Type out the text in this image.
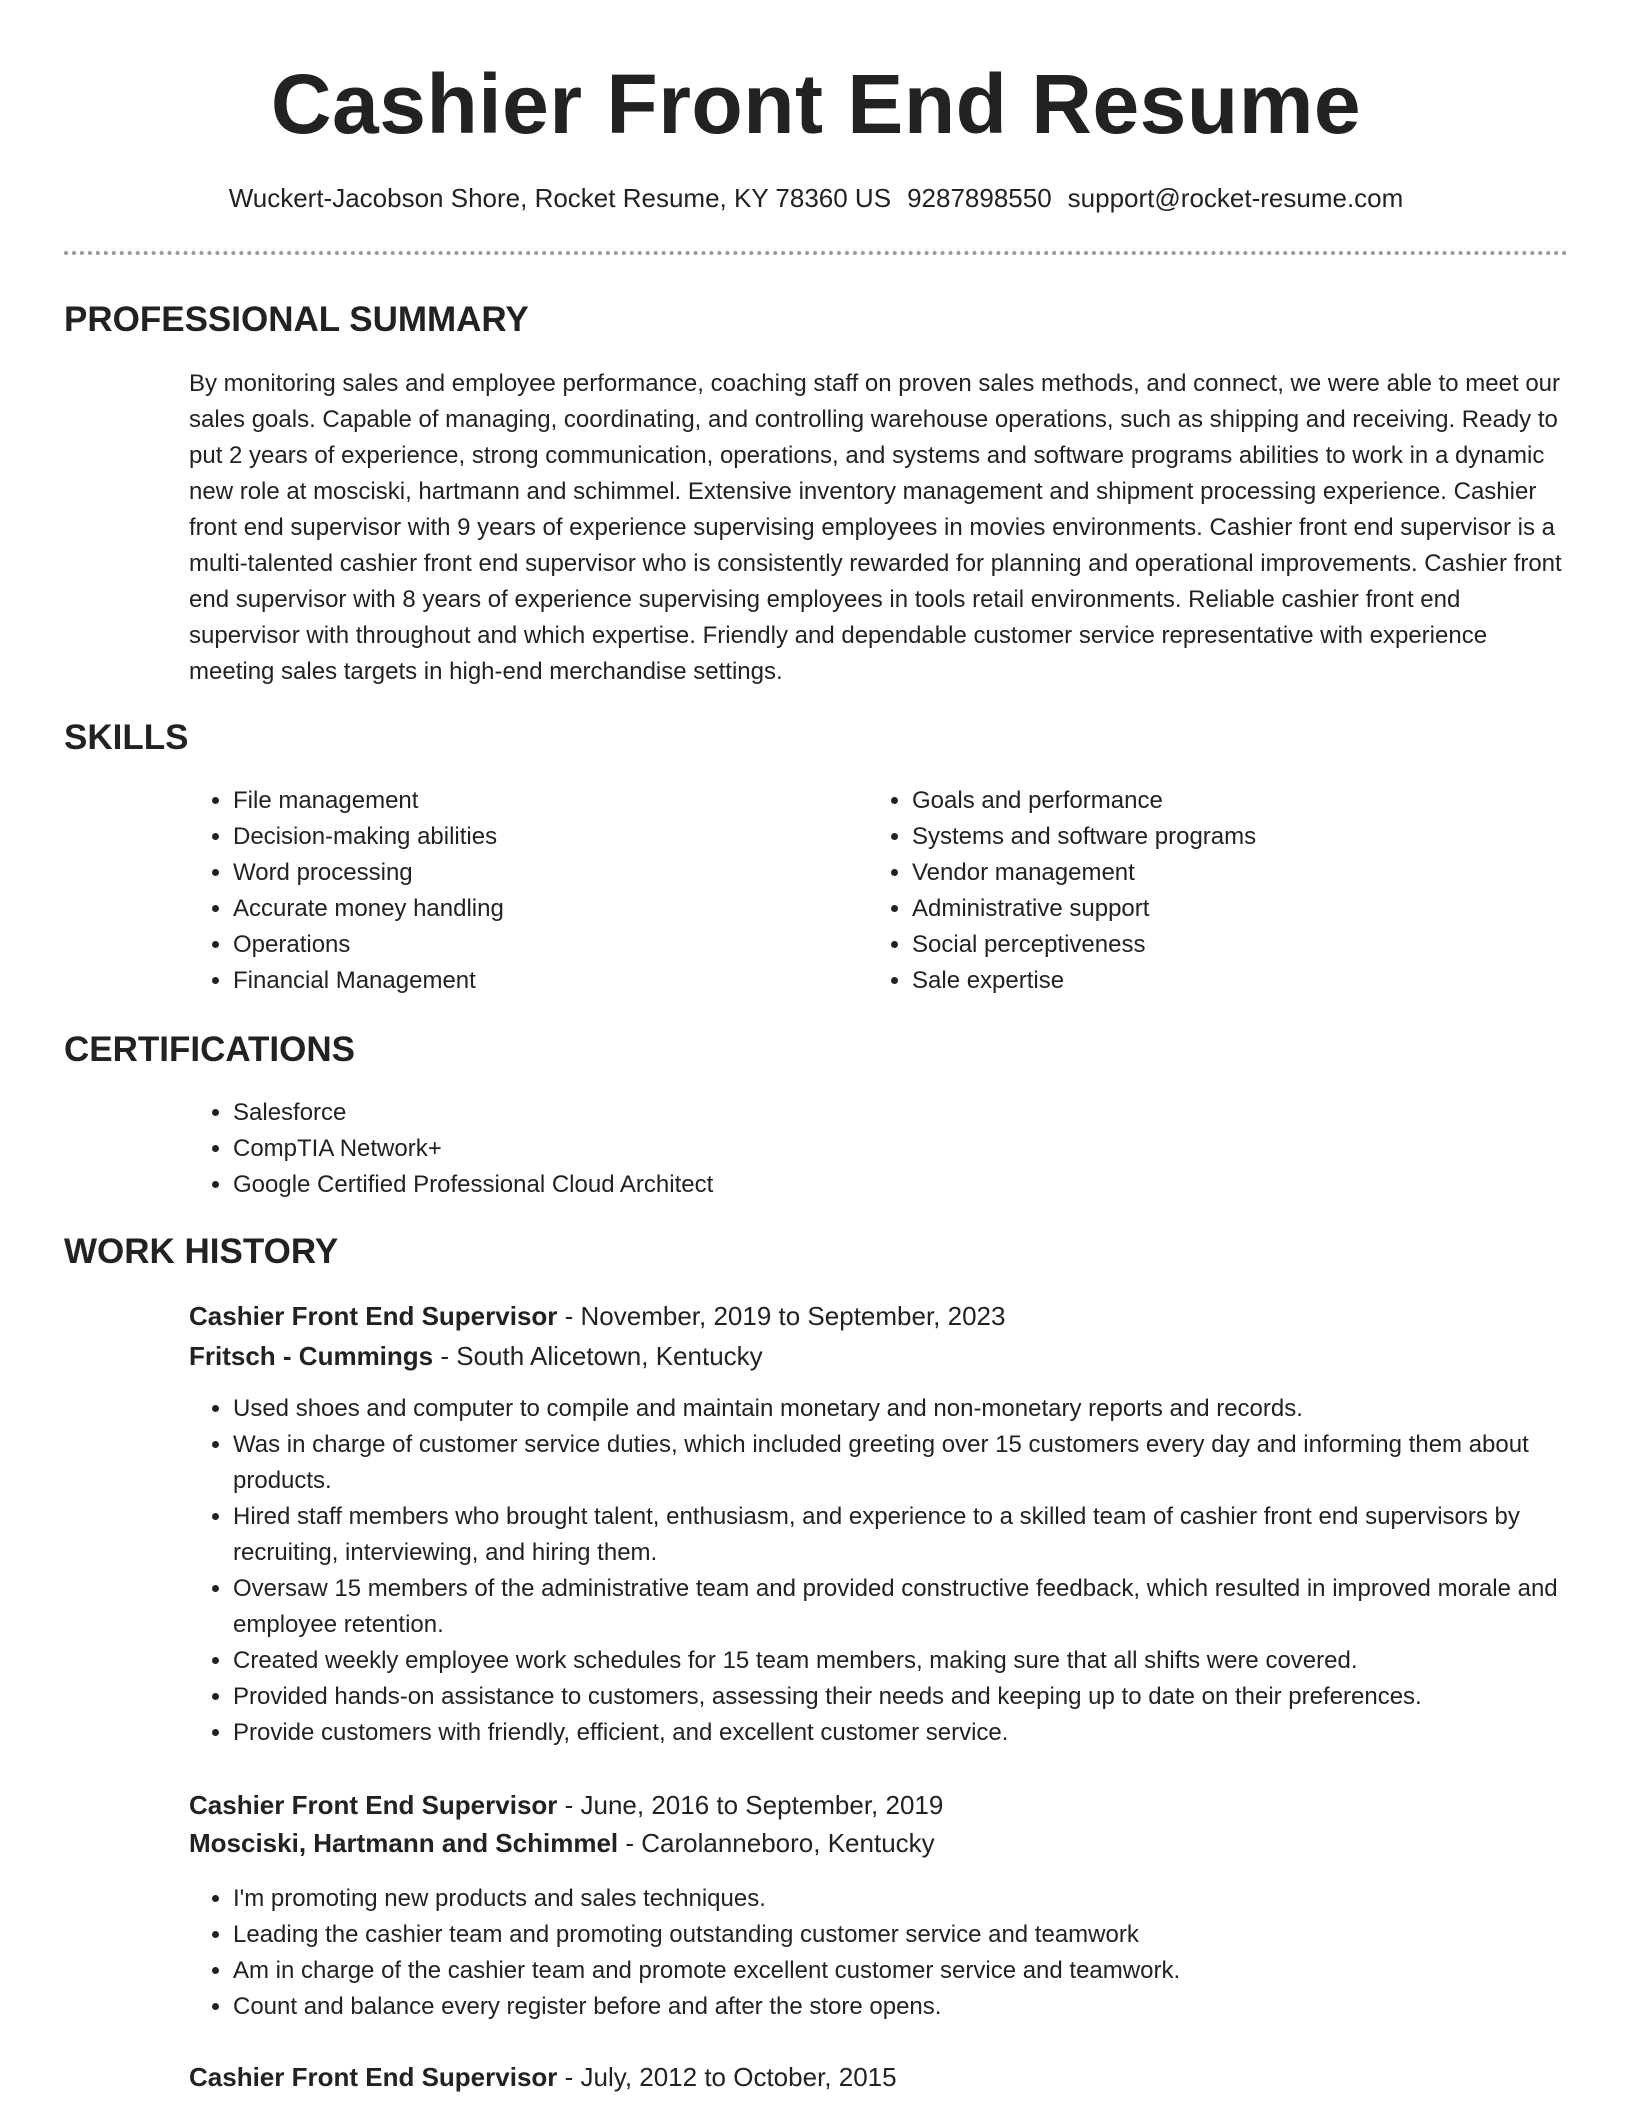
Cashier Front End Resume
Wuckert-Jacobson Shore, Rocket Resume, KY 78360 US 9287898550 support@rocket-resume.com
PROFESSIONAL SUMMARY

By monitoring sales and employee performance, coaching staff on proven sales methods, and connect, we were able to meet our sales goals. Capable of managing, coordinating, and controlling warehouse operations, such as shipping and receiving. Ready to put 2 years of experience, strong communication, operations, and systems and software programs abilities to work in a dynamic new role at mosciski, hartmann and schimmel. Extensive inventory management and shipment processing experience. Cashier front end supervisor with 9 years of experience supervising employees in movies environments. Cashier front end supervisor is a multi-talented cashier front end supervisor who is consistently rewarded for planning and operational improvements. Cashier front end supervisor with 8 years of experience supervising employees in tools retail environments. Reliable cashier front end supervisor with throughout and which expertise. Friendly and dependable customer service representative with experience meeting sales targets in high-end merchandise settings.

SKILLS
• File management
• Decision-making abilities
• Word processing
• Accurate money handling
• Operations
• Financial Management
• Goals and performance
• Systems and software programs
• Vendor management
• Administrative support
• Social perceptiveness
• Sale expertise
CERTIFICATIONS
• Salesforce
• CompTIA Network+
• Google Certified Professional Cloud Architect
WORK HISTORY
Cashier Front End Supervisor - November, 2019 to September, 2023
Fritsch - Cummings - South Alicetown, Kentucky
• Used shoes and computer to compile and maintain monetary and non-monetary reports and records.
• Was in charge of customer service duties, which included greeting over 15 customers every day and informing them about products.
• Hired staff members who brought talent, enthusiasm, and experience to a skilled team of cashier front end supervisors by recruiting, interviewing, and hiring them.
• Oversaw 15 members of the administrative team and provided constructive feedback, which resulted in improved morale and employee retention.
• Created weekly employee work schedules for 15 team members, making sure that all shifts were covered.
• Provided hands-on assistance to customers, assessing their needs and keeping up to date on their preferences.
• Provide customers with friendly, efficient, and excellent customer service.
Cashier Front End Supervisor - June, 2016 to September, 2019
Mosciski, Hartmann and Schimmel - Carolanneboro, Kentucky
• I'm promoting new products and sales techniques.
• Leading the cashier team and promoting outstanding customer service and teamwork
• Am in charge of the cashier team and promote excellent customer service and teamwork.
• Count and balance every register before and after the store opens.
Cashier Front End Supervisor - July, 2012 to October, 2015
